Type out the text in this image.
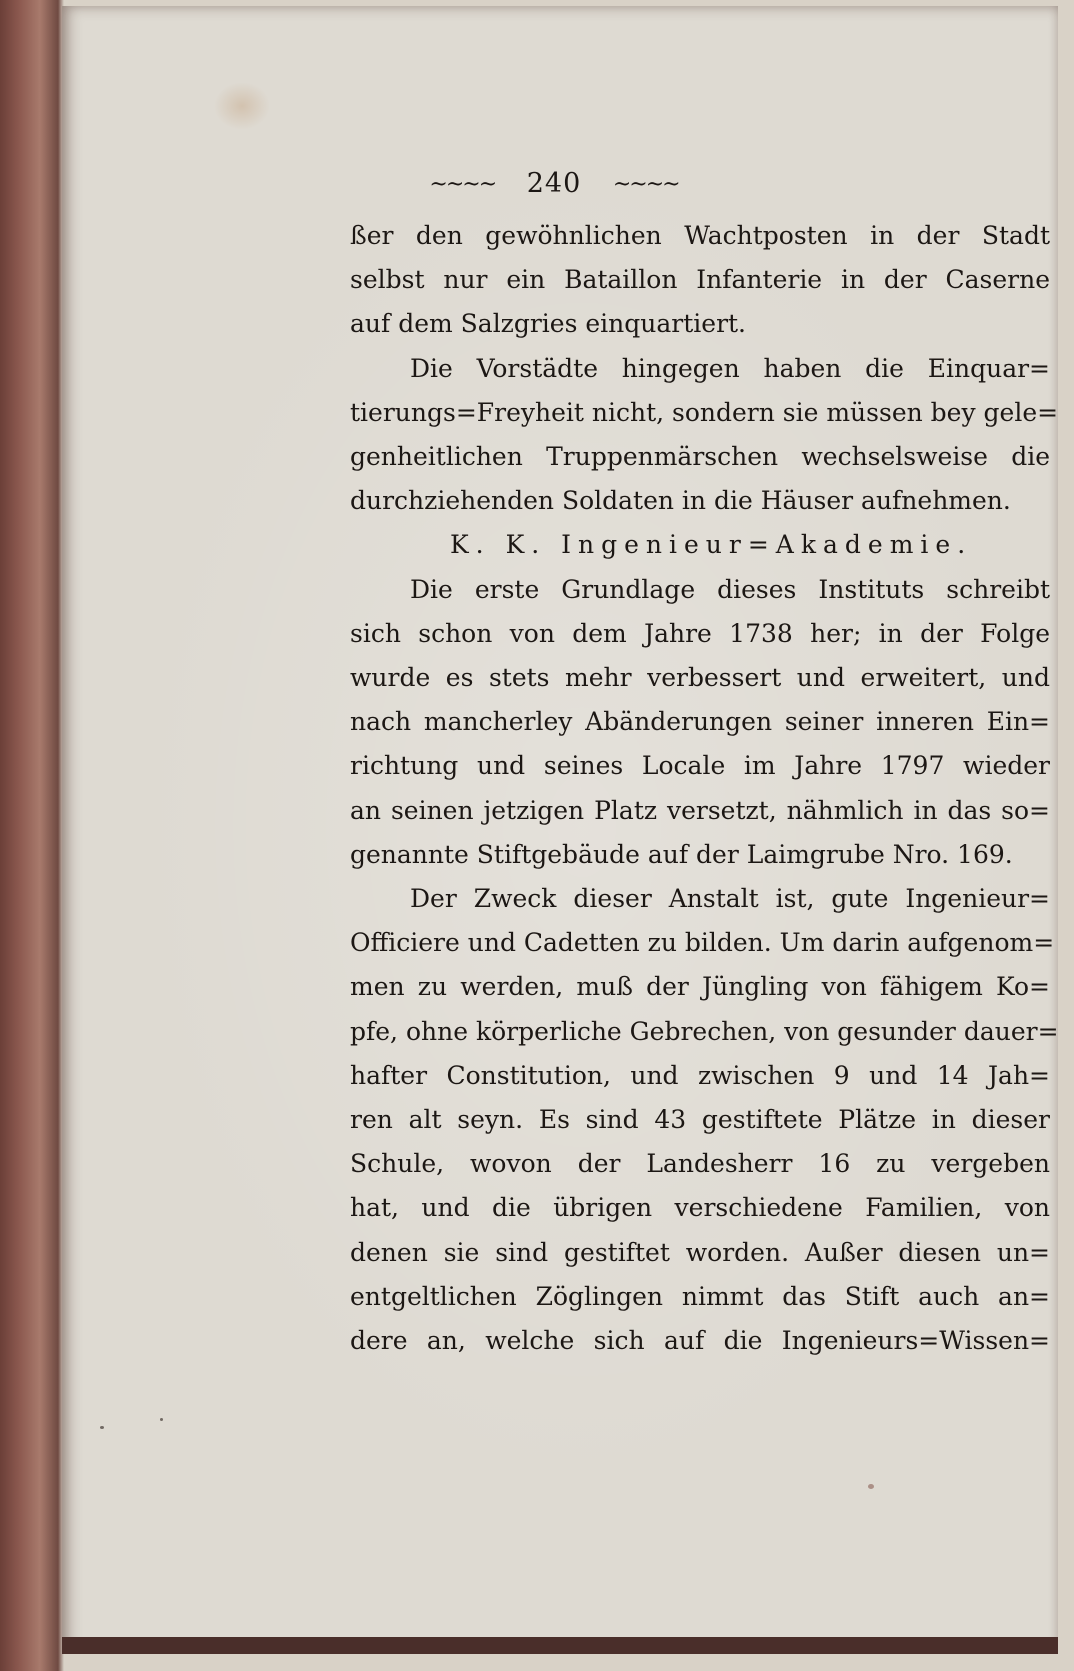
~~~~ 240 ~~~~
ßer den gewöhnlichen Wachtposten in der Stadt
selbst nur ein Bataillon Infanterie in der Caserne
auf dem Salzgries einquartiert.
Die Vorstädte hingegen haben die Einquar=
tierungs=Freyheit nicht, sondern sie müssen bey gele=
genheitlichen Truppenmärschen wechselsweise die
durchziehenden Soldaten in die Häuser aufnehmen.
K. K. Ingenieur=Akademie.
Die erste Grundlage dieses Instituts schreibt
sich schon von dem Jahre 1738 her; in der Folge
wurde es stets mehr verbessert und erweitert, und
nach mancherley Abänderungen seiner inneren Ein=
richtung und seines Locale im Jahre 1797 wieder
an seinen jetzigen Platz versetzt, nähmlich in das so=
genannte Stiftgebäude auf der Laimgrube Nro. 169.
Der Zweck dieser Anstalt ist, gute Ingenieur=
Officiere und Cadetten zu bilden. Um darin aufgenom=
men zu werden, muß der Jüngling von fähigem Ko=
pfe, ohne körperliche Gebrechen, von gesunder dauer=
hafter Constitution, und zwischen 9 und 14 Jah=
ren alt seyn. Es sind 43 gestiftete Plätze in dieser
Schule, wovon der Landesherr 16 zu vergeben
hat, und die übrigen verschiedene Familien, von
denen sie sind gestiftet worden. Außer diesen un=
entgeltlichen Zöglingen nimmt das Stift auch an=
dere an, welche sich auf die Ingenieurs=Wissen=
